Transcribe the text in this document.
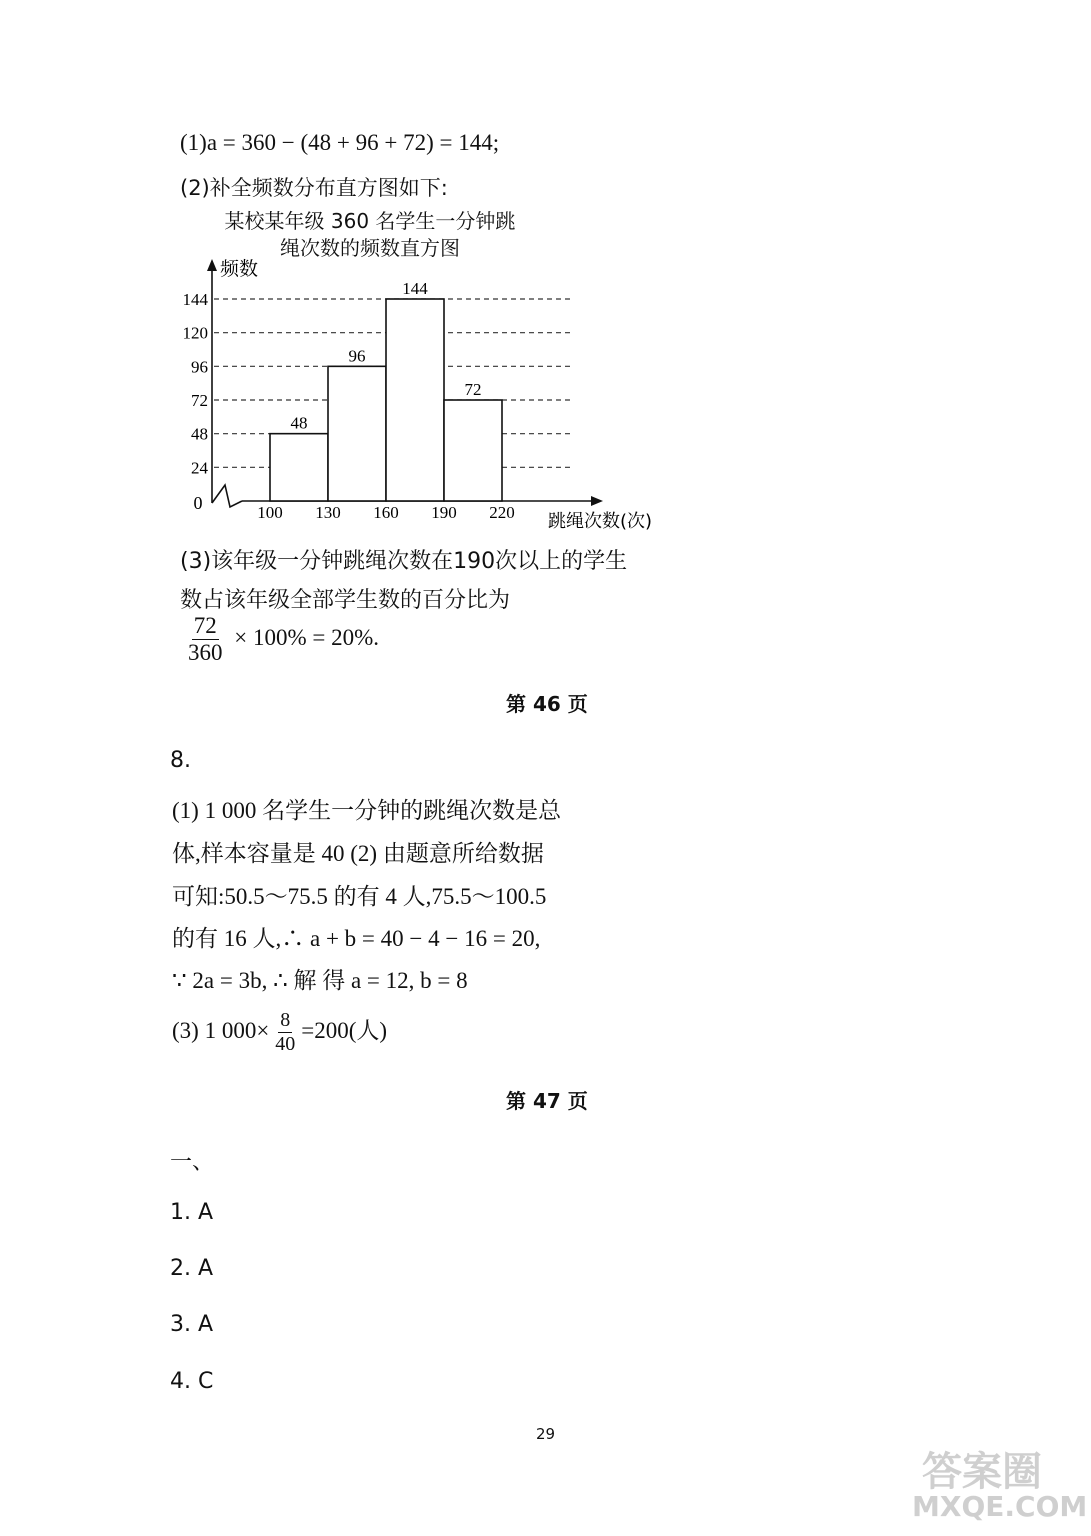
(1)a = 360 − (48 + 96 + 72) = 144;
(2)补全频数分布直方图如下:
某校某年级 360 名学生一分钟跳
绳次数的频数直方图
24
48
72
96
120
144
48
96
144
72
100 130 160 190 220
频数
0
跳绳次数(次)
(3)该年级一分钟跳绳次数在190次以上的学生
数占该年级全部学生数的百分比为
$\frac{72}{360} \times 100\% = 20\%$.
第 46 页
8.
(1) 1 000 名学生一分钟的跳绳次数是总
体,样本容量是 40 (2) 由题意所给数据
可知:50.5～75.5 的有 4 人,75.5～100.5
的有 16 人,∴ a + b = 40 − 4 − 16 = 20,
∵ 2a = 3b, ∴ 解 得 a = 12, b = 8
(3) 1 $000\times \frac{8}{40} =200$(人)
第 47 页
一、
1. A
2. A
3. A
4. C
29
答案圈
MXQE.COM
